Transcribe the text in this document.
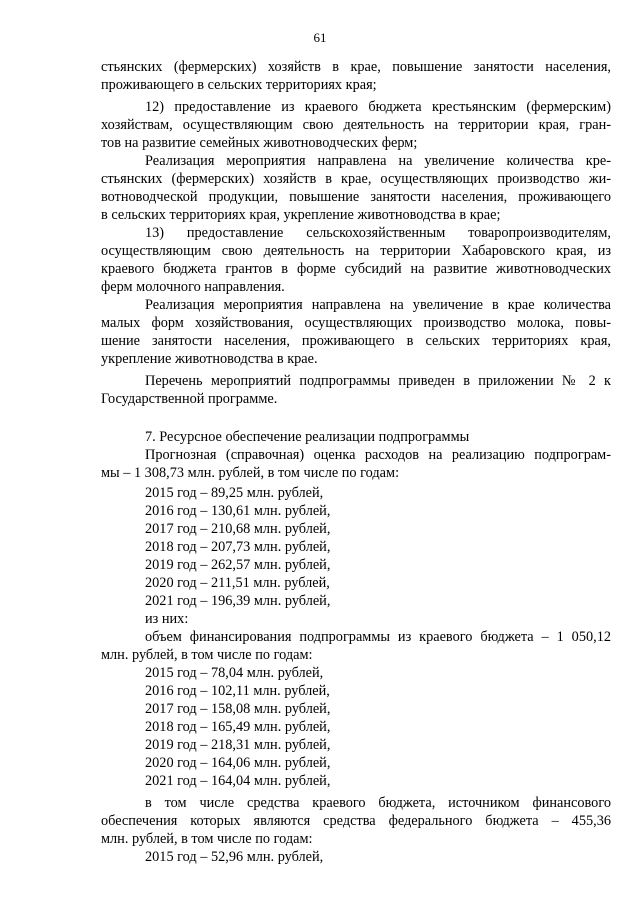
61
стьянских (фермерских) хозяйств в крае, повышение занятости населения,
проживающего в сельских территориях края;
12) предоставление из краевого бюджета крестьянским (фермерским)
хозяйствам, осуществляющим свою деятельность на территории края, гран-
тов на развитие семейных животноводческих ферм;
Реализация мероприятия направлена на увеличение количества кре-
стьянских (фермерских) хозяйств в крае, осуществляющих производство жи-
вотноводческой продукции, повышение занятости населения, проживающего
в сельских территориях края, укрепление животноводства в крае;
13) предоставление сельскохозяйственным товаропроизводителям,
осуществляющим свою деятельность на территории Хабаровского края, из
краевого бюджета грантов в форме субсидий на развитие животноводческих
ферм молочного направления.
Реализация мероприятия направлена на увеличение в крае количества
малых форм хозяйствования, осуществляющих производство молока, повы-
шение занятости населения, проживающего в сельских территориях края,
укрепление животноводства в крае.
Перечень мероприятий подпрограммы приведен в приложении № 2 к
Государственной программе.
7. Ресурсное обеспечение реализации подпрограммы
Прогнозная (справочная) оценка расходов на реализацию подпрограм-
мы – 1 308,73 млн. рублей, в том числе по годам:
2015 год – 89,25 млн. рублей,
2016 год – 130,61 млн. рублей,
2017 год – 210,68 млн. рублей,
2018 год – 207,73 млн. рублей,
2019 год – 262,57 млн. рублей,
2020 год – 211,51 млн. рублей,
2021 год – 196,39 млн. рублей,
из них:
объем финансирования подпрограммы из краевого бюджета – 1 050,12
млн. рублей, в том числе по годам:
2015 год – 78,04 млн. рублей,
2016 год – 102,11 млн. рублей,
2017 год – 158,08 млн. рублей,
2018 год – 165,49 млн. рублей,
2019 год – 218,31 млн. рублей,
2020 год – 164,06 млн. рублей,
2021 год – 164,04 млн. рублей,
в том числе средства краевого бюджета, источником финансового
обеспечения которых являются средства федерального бюджета – 455,36
млн. рублей, в том числе по годам:
2015 год – 52,96 млн. рублей,
